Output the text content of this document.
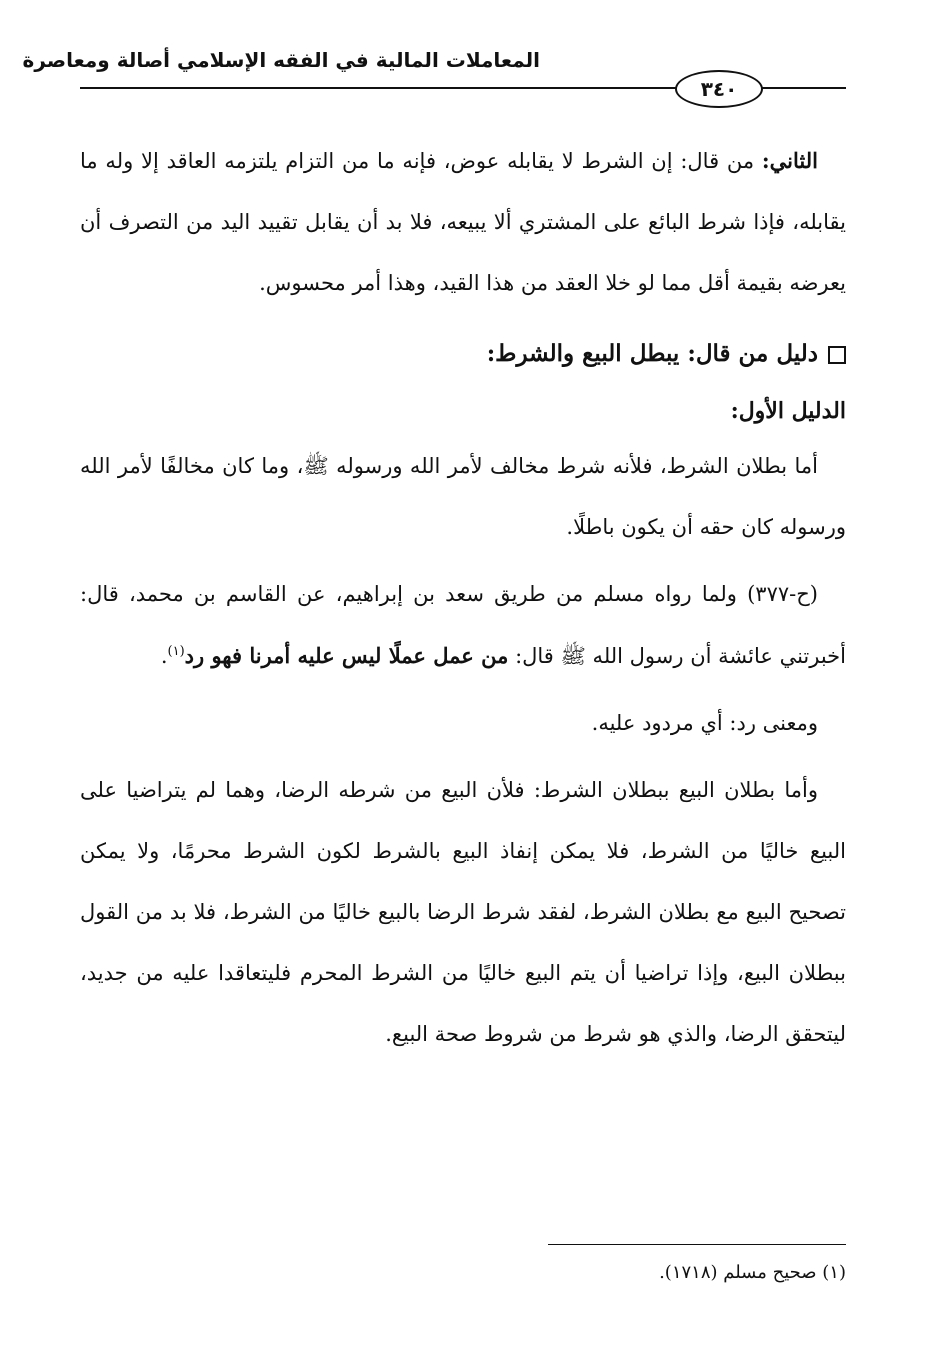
المعاملات المالية في الفقه الإسلامي أصالة ومعاصرة
٣٤٠

الثاني: من قال: إن الشرط لا يقابله عوض، فإنه ما من التزام يلتزمه العاقد إلا وله ما يقابله، فإذا شرط البائع على المشتري ألا يبيعه، فلا بد أن يقابل تقييد اليد من التصرف أن يعرضه بقيمة أقل مما لو خلا العقد من هذا القيد، وهذا أمر محسوس.

دليل من قال: يبطل البيع والشرط:
الدليل الأول:

أما بطلان الشرط، فلأنه شرط مخالف لأمر الله ورسوله ﷺ، وما كان مخالفًا لأمر الله ورسوله كان حقه أن يكون باطلًا.

(ح-٣٧٧) ولما رواه مسلم من طريق سعد بن إبراهيم، عن القاسم بن محمد، قال: أخبرتني عائشة أن رسول الله ﷺ قال: من عمل عملًا ليس عليه أمرنا فهو رد$^{(١)}$.

ومعنى رد: أي مردود عليه.

وأما بطلان البيع ببطلان الشرط: فلأن البيع من شرطه الرضا، وهما لم يتراضيا على البيع خاليًا من الشرط، فلا يمكن إنفاذ البيع بالشرط لكون الشرط محرمًا، ولا يمكن تصحيح البيع مع بطلان الشرط، لفقد شرط الرضا بالبيع خاليًا من الشرط، فلا بد من القول ببطلان البيع، وإذا تراضيا أن يتم البيع خاليًا من الشرط المحرم فليتعاقدا عليه من جديد، ليتحقق الرضا، والذي هو شرط من شروط صحة البيع.

(١) صحيح مسلم (١٧١٨).
